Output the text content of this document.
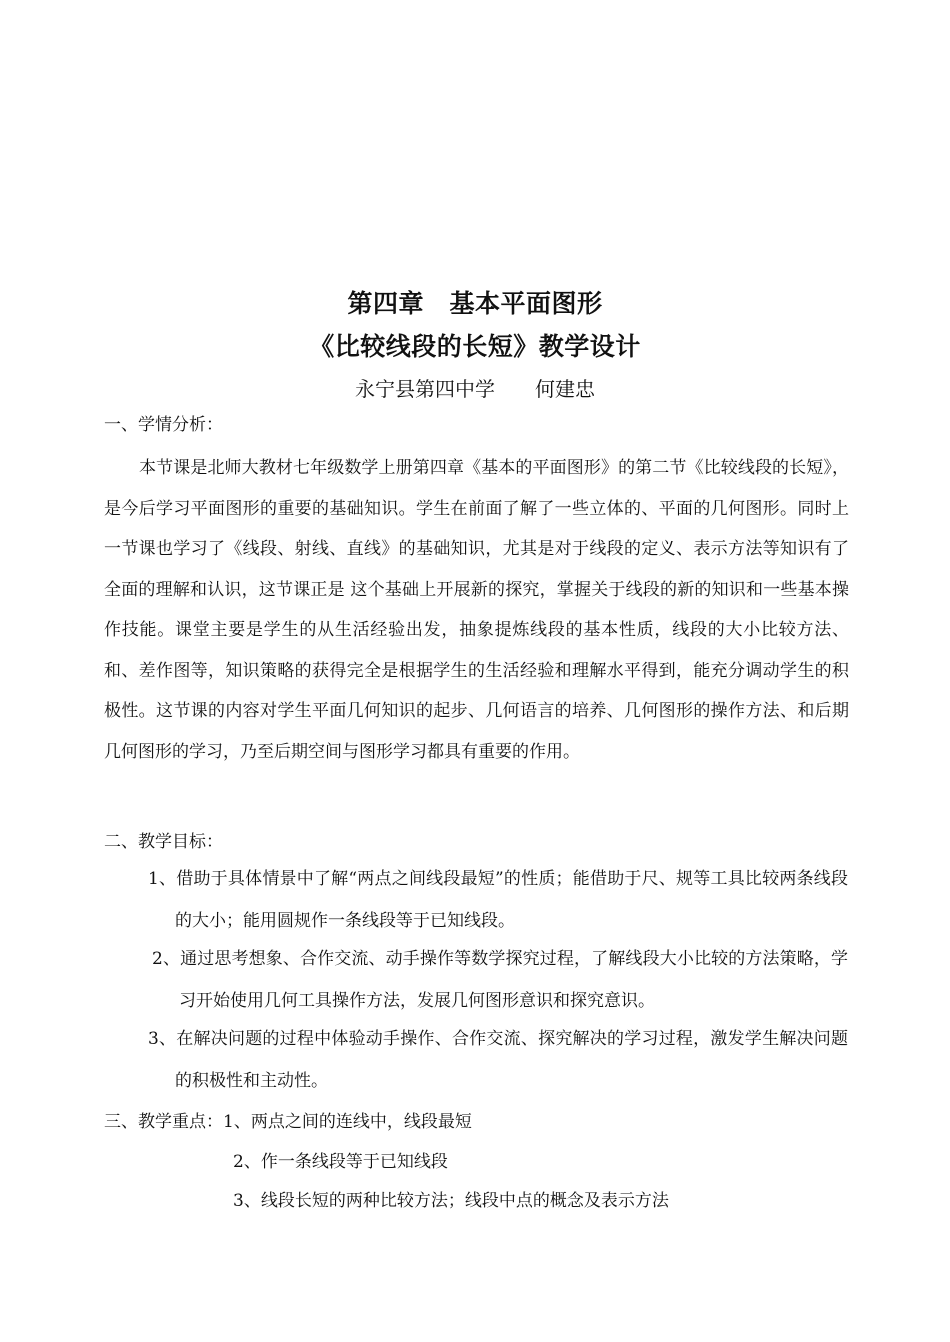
第四章　基本平面图形
《比较线段的长短》教学设计
永宁县第四中学　　何建忠
一、学情分析：
本节课是北师大教材七年级数学上册第四章《基本的平面图形》的第二节《比较线段的长短》，是今后学习平面图形的重要的基础知识。学生在前面了解了一些立体的、平面的几何图形。同时上一节课也学习了《线段、射线、直线》的基础知识，尤其是对于线段的定义、表示方法等知识有了全面的理解和认识，这节课正是 这个基础上开展新的探究，掌握关于线段的新的知识和一些基本操作技能。课堂主要是学生的从生活经验出发，抽象提炼线段的基本性质，线段的大小比较方法、和、差作图等，知识策略的获得完全是根据学生的生活经验和理解水平得到，能充分调动学生的积极性。这节课的内容对学生平面几何知识的起步、几何语言的培养、几何图形的操作方法、和后期几何图形的学习，乃至后期空间与图形学习都具有重要的作用。
二、教学目标：
1、借助于具体情景中了解“两点之间线段最短”的性质；能借助于尺、规等工具比较两条线段的大小；能用圆规作一条线段等于已知线段。
2、通过思考想象、合作交流、动手操作等数学探究过程，了解线段大小比较的方法策略，学习开始使用几何工具操作方法，发展几何图形意识和探究意识。
3、在解决问题的过程中体验动手操作、合作交流、探究解决的学习过程，激发学生解决问题的积极性和主动性。
三、教学重点：1、两点之间的连线中，线段最短
2、作一条线段等于已知线段
3、线段长短的两种比较方法；线段中点的概念及表示方法
